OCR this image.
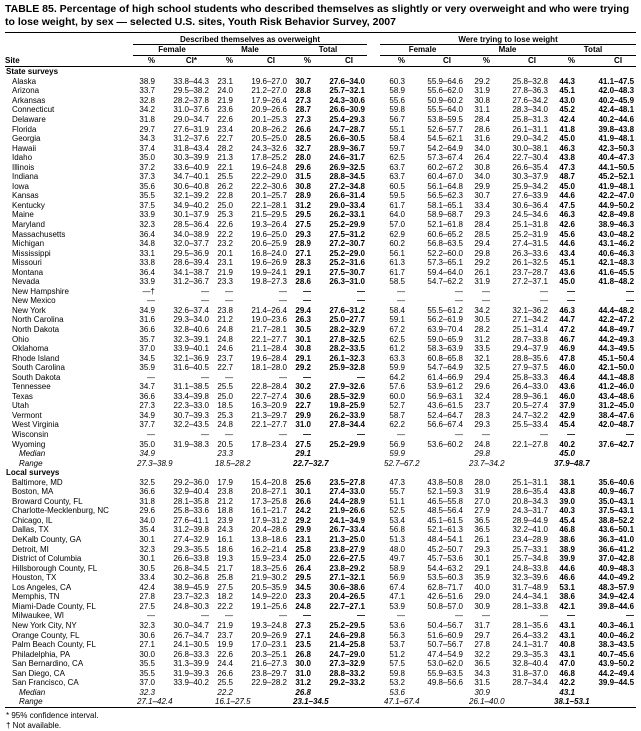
TABLE 85. Percentage of high school students who described themselves as slightly or very overweight and who were trying to lose weight, by sex — selected U.S. sites, Youth Risk Behavior Survey, 2007
	Described themselves as overweight							Were trying to lose weight					
	Female		Male		Total			Female		Male		Total	
Site	%	CI*	%	CI	%	CI		%	CI	%	CI	%	CI
State surveys													
Alaska	38.9	33.8–44.3	23.1	19.6–27.0	30.7	27.6–34.0		60.3	55.9–64.6	29.2	25.8–32.8	44.3	41.1–47.5
Arizona	33.7	29.5–38.2	24.0	21.2–27.0	28.8	25.7–32.1		58.9	55.6–62.0	31.9	27.8–36.3	45.1	42.0–48.3
Arkansas	32.8	28.2–37.8	21.9	17.9–26.4	27.3	24.3–30.6		55.6	50.9–60.2	30.8	27.6–34.2	43.0	40.2–45.9
Connecticut	34.2	31.0–37.6	23.6	20.9–26.6	28.7	26.6–30.9		59.8	55.5–64.0	31.1	28.3–34.0	45.2	42.4–48.1
Delaware	31.8	29.0–34.7	22.6	20.1–25.3	27.3	25.4–29.3		56.7	53.8–59.5	28.4	25.8–31.3	42.4	40.2–44.6
Florida	29.7	27.6–31.9	23.4	20.8–26.2	26.6	24.7–28.7		55.1	52.6–57.7	28.6	26.1–31.1	41.8	39.8–43.8
Georgia	34.3	31.2–37.6	22.7	20.5–25.0	28.5	26.6–30.5		58.4	54.5–62.1	31.6	29.0–34.2	45.0	41.9–48.1
Hawaii	37.4	31.8–43.4	28.2	24.3–32.6	32.7	28.9–36.7		59.7	54.2–64.9	34.0	30.0–38.1	46.3	42.3–50.3
Idaho	35.0	30.3–39.9	21.3	17.8–25.2	28.0	24.6–31.7		62.5	57.3–67.4	26.4	22.7–30.4	43.8	40.4–47.3
Illinois	37.2	33.6–40.9	22.1	19.6–24.8	29.6	26.9–32.5		63.7	60.2–67.2	30.8	26.6–35.4	47.3	44.1–50.5
Indiana	37.3	34.7–40.1	25.5	22.2–29.0	31.5	28.8–34.5		63.7	60.4–67.0	34.0	30.3–37.9	48.7	45.2–52.1
Iowa	35.6	30.6–40.8	26.2	22.2–30.6	30.8	27.2–34.8		60.5	56.1–64.8	29.9	25.9–34.2	45.0	41.9–48.1
Kansas	35.5	32.1–39.2	22.8	20.1–25.7	28.9	26.6–31.4		59.5	56.5–62.3	30.7	27.6–33.9	44.6	42.2–47.0
Kentucky	37.5	34.9–40.2	25.0	22.1–28.1	31.2	29.0–33.4		61.7	58.1–65.1	33.4	30.6–36.4	47.5	44.9–50.2
Maine	33.9	30.1–37.9	25.3	21.5–29.5	29.5	26.2–33.1		64.0	58.9–68.7	29.3	24.5–34.6	46.3	42.8–49.8
Maryland	32.3	28.5–36.4	22.6	19.3–26.4	27.5	25.2–29.9		57.0	52.1–61.8	28.4	25.1–31.8	42.6	38.9–46.3
Massachusetts	36.4	34.0–38.9	22.2	19.6–25.0	29.3	27.5–31.2		62.9	60.6–65.2	28.5	25.2–31.9	45.6	43.0–48.2
Michigan	34.8	32.0–37.7	23.2	20.6–25.9	28.9	27.2–30.7		60.2	56.8–63.5	29.4	27.4–31.5	44.6	43.1–46.2
Mississippi	33.1	29.5–36.9	20.1	16.8–24.0	27.1	25.2–29.0		56.1	52.2–60.0	29.8	26.3–33.6	43.4	40.6–46.3
Missouri	33.8	28.6–39.4	23.1	19.6–26.9	28.3	25.2–31.6		61.3	57.3–65.1	29.2	26.1–32.5	45.1	42.1–48.3
Montana	36.4	34.1–38.7	21.9	19.9–24.1	29.1	27.5–30.7		61.7	59.4–64.0	26.1	23.7–28.7	43.6	41.6–45.5
Nevada	33.9	31.2–36.7	23.3	19.8–27.3	28.6	26.3–31.0		58.5	54.7–62.2	31.9	27.2–37.1	45.0	41.8–48.2
New Hampshire	—†	—	—	—	—	—		—	—	—	—	—	—
New Mexico	—	—	—	—	—	—		—	—	—	—	—	—
New York	34.9	32.6–37.4	23.8	21.4–26.4	29.4	27.6–31.2		58.4	55.5–61.2	34.2	32.1–36.2	46.3	44.4–48.2
North Carolina	31.6	29.3–34.0	21.2	19.0–23.6	26.3	25.0–27.7		59.1	56.2–61.9	30.5	27.1–34.2	44.7	42.2–47.2
North Dakota	36.6	32.8–40.6	24.8	21.7–28.1	30.5	28.2–32.9		67.2	63.9–70.4	28.2	25.1–31.4	47.2	44.8–49.7
Ohio	35.7	32.3–39.1	24.8	22.1–27.7	30.1	27.8–32.5		62.5	59.0–65.9	31.2	28.7–33.8	46.7	44.2–49.3
Oklahoma	37.0	33.9–40.1	24.6	21.1–28.4	30.8	28.2–33.5		61.2	58.3–63.9	33.5	29.4–37.9	46.9	44.3–49.5
Rhode Island	34.5	32.1–36.9	23.7	19.6–28.4	29.1	26.1–32.3		63.3	60.8–65.8	32.1	28.8–35.6	47.8	45.1–50.4
South Carolina	35.9	31.6–40.5	22.7	18.1–28.0	29.2	25.9–32.8		59.9	54.7–64.9	32.5	27.9–37.5	46.0	42.1–50.0
South Dakota	—	—	—	—	—	—		64.2	61.4–66.9	29.4	25.8–33.3	46.4	44.1–48.8
Tennessee	34.7	31.1–38.5	25.5	22.8–28.4	30.2	27.9–32.6		57.6	53.9–61.2	29.6	26.4–33.0	43.6	41.2–46.0
Texas	36.6	33.4–39.8	25.0	22.7–27.4	30.6	28.5–32.9		60.0	56.9–63.1	32.4	28.9–36.1	46.0	43.4–48.6
Utah	27.3	22.3–33.0	18.5	16.3–20.9	22.7	19.8–25.9		52.7	43.6–61.5	23.7	20.5–27.4	37.9	31.2–45.0
Vermont	34.9	30.7–39.3	25.3	21.3–29.7	29.9	26.2–33.9		58.7	52.4–64.7	28.3	24.7–32.2	42.9	38.4–47.6
West Virginia	37.7	32.2–43.5	24.8	22.1–27.7	31.0	27.8–34.4		62.2	56.6–67.4	29.3	25.5–33.4	45.4	42.0–48.7
Wisconsin	—	—	—	—	—	—		—	—	—	—	—	—
Wyoming	35.0	31.9–38.3	20.5	17.8–23.4	27.5	25.2–29.9		56.9	53.6–60.2	24.8	22.1–27.8	40.2	37.6–42.7
Median	34.9		23.3		29.1			59.9		29.8		45.0	
Range	27.3–38.9		18.5–28.2		22.7–32.7			52.7–67.2		23.7–34.2		37.9–48.7	
Local surveys													
Baltimore, MD	32.5	29.2–36.0	17.9	15.4–20.8	25.6	23.5–27.8		47.3	43.8–50.8	28.0	25.1–31.1	38.1	35.6–40.6
Boston, MA	36.6	32.9–40.4	23.8	20.8–27.1	30.1	27.4–33.0		55.7	52.1–59.3	31.9	28.6–35.4	43.8	40.9–46.7
Broward County, FL	31.8	28.1–35.8	21.2	17.3–25.8	26.6	24.4–28.9		51.1	46.5–55.8	27.0	20.8–34.3	39.0	35.0–43.1
Charlotte-Mecklenburg, NC	29.6	25.8–33.6	18.8	16.1–21.7	24.2	21.9–26.6		52.5	48.5–56.4	27.9	24.3–31.7	40.3	37.5–43.1
Chicago, IL	34.0	27.6–41.1	23.9	17.9–31.2	29.2	24.1–34.9		53.4	45.1–61.5	36.5	28.9–44.9	45.4	38.8–52.2
Dallas, TX	35.4	31.2–39.8	24.3	20.4–28.6	29.9	26.7–33.4		56.8	52.1–61.3	36.5	32.2–41.0	46.8	43.6–50.1
DeKalb County, GA	30.1	27.4–32.9	16.1	13.8–18.6	23.1	21.3–25.0		51.3	48.4–54.1	26.1	23.4–28.9	38.6	36.3–41.0
Detroit, MI	32.3	29.3–35.5	18.6	16.2–21.4	25.8	23.8–27.9		48.0	45.2–50.7	29.3	25.7–33.1	38.9	36.6–41.2
District of Columbia	30.1	26.6–33.8	19.3	15.9–23.4	25.0	22.6–27.5		49.7	45.7–53.6	30.1	25.7–34.8	39.9	37.0–42.8
Hillsborough County, FL	30.5	26.8–34.5	21.7	18.3–25.6	26.4	23.8–29.2		58.9	54.4–63.2	29.1	24.8–33.8	44.6	40.9–48.3
Houston, TX	33.4	30.2–36.8	25.8	21.9–30.2	29.5	27.1–32.1		56.9	53.5–60.3	35.9	32.3–39.6	46.6	44.0–49.2
Los Angeles, CA	42.4	38.9–45.9	27.5	20.5–35.9	34.5	30.6–38.6		67.4	62.8–71.7	40.0	31.7–48.9	53.1	48.3–57.9
Memphis, TN	27.8	23.7–32.3	18.2	14.9–22.0	23.3	20.4–26.5		47.1	42.6–51.6	29.0	24.4–34.1	38.6	34.9–42.4
Miami-Dade County, FL	27.5	24.8–30.3	22.2	19.1–25.6	24.8	22.7–27.1		53.9	50.8–57.0	30.9	28.1–33.8	42.1	39.8–44.6
Milwaukee, WI	—	—	—	—	—	—		—	—	—	—	—	—
New York City, NY	32.3	30.0–34.7	21.9	19.3–24.8	27.3	25.2–29.5		53.6	50.4–56.7	31.7	28.1–35.6	43.1	40.3–46.1
Orange County, FL	30.6	26.7–34.7	23.7	20.9–26.9	27.1	24.6–29.8		56.3	51.6–60.9	29.7	26.4–33.2	43.1	40.0–46.2
Palm Beach County, FL	27.1	24.1–30.5	19.9	17.0–23.1	23.5	21.4–25.8		53.7	50.7–56.7	27.8	24.1–31.7	40.8	38.3–43.5
Philadelphia, PA	30.0	26.8–33.3	22.6	20.3–25.1	26.8	24.7–29.0		51.2	47.4–54.9	32.2	29.3–35.3	43.1	40.7–45.6
San Bernardino, CA	35.5	31.3–39.9	24.4	21.6–27.3	30.0	27.3–32.9		57.5	53.0–62.0	36.5	32.8–40.4	47.0	43.9–50.2
San Diego, CA	35.5	31.9–39.3	26.6	23.8–29.7	31.0	28.8–33.2		59.8	55.9–63.5	34.3	31.8–37.0	46.8	44.2–49.4
San Francisco, CA	37.0	33.9–40.2	25.5	22.9–28.2	31.2	29.2–33.2		53.2	49.8–56.6	31.5	28.7–34.4	42.2	39.9–44.5
Median	32.3		22.2		26.8			53.6		30.9		43.1	
Range	27.1–42.4		16.1–27.5		23.1–34.5			47.1–67.4		26.1–40.0		38.1–53.1	
* 95% confidence interval.
† Not available.
